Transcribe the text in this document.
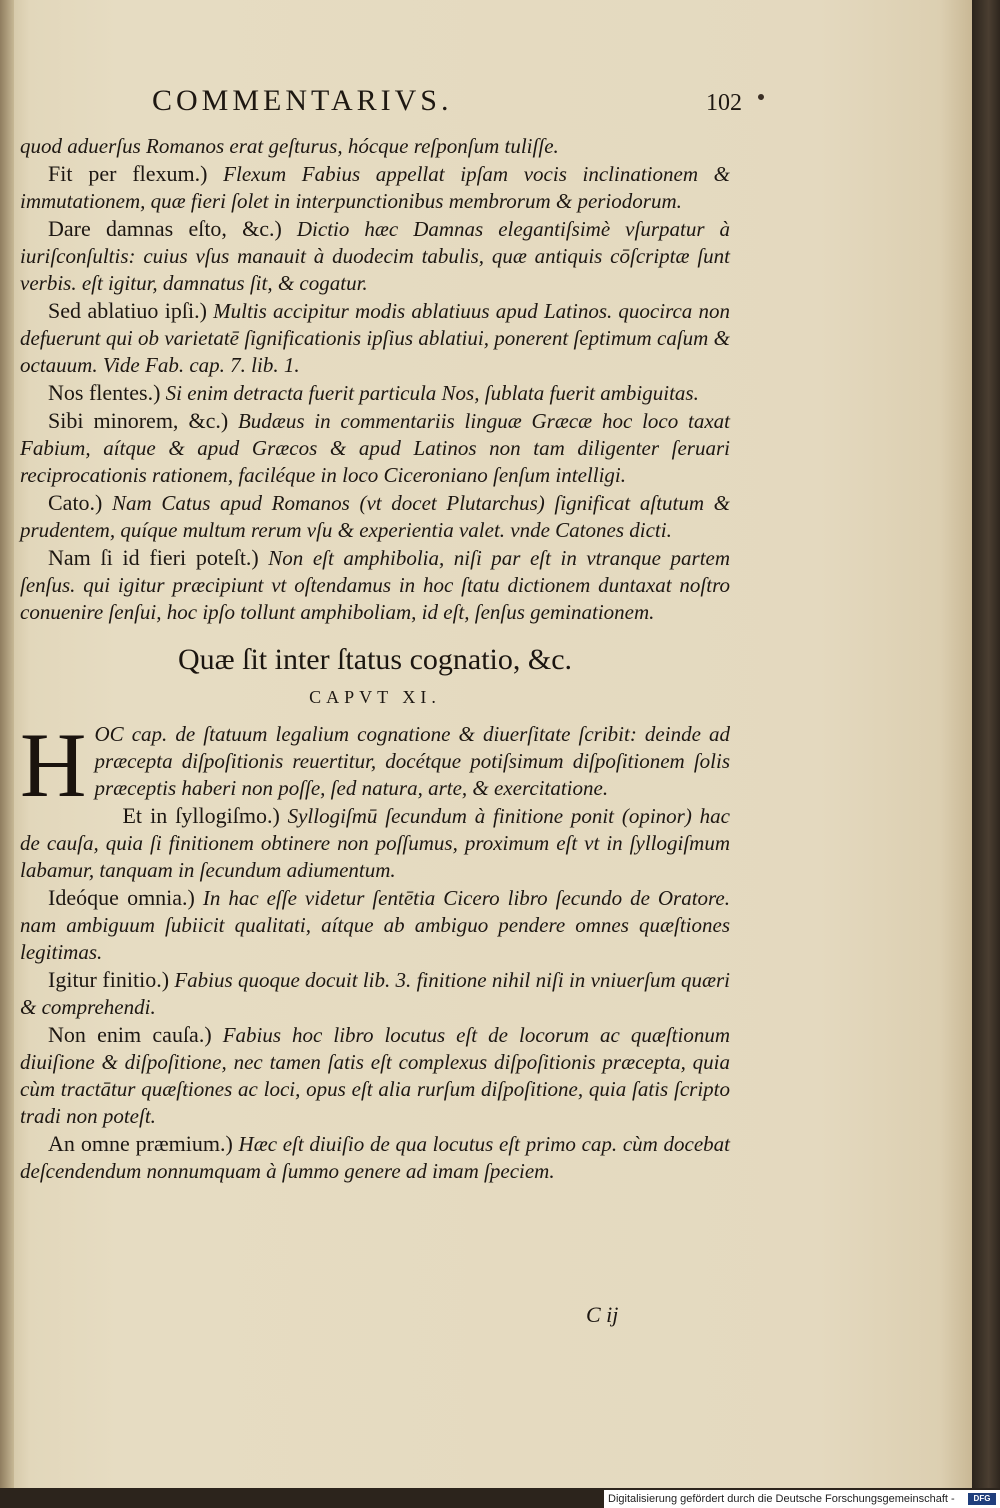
COMMENTARIVS.	102

quod aduerſus Romanos erat geſturus, hócque reſponſum tuliſſe.

Fit per flexum.) Flexum Fabius appellat ipſam vocis inclinationem & immutationem, quæ fieri ſolet in interpunctionibus membrorum & periodorum.

Dare damnas eſto, &c.) Dictio hæc Damnas elegantiſsimè vſurpatur à iuriſconſultis: cuius vſus manauit à duodecim tabulis, quæ antiquis cōſcriptæ ſunt verbis. eſt igitur, damnatus ſit, & cogatur.

Sed ablatiuo ipſi.) Multis accipitur modis ablatiuus apud Latinos. quocirca non defuerunt qui ob varietatē ſignificationis ipſius ablatiui, ponerent ſeptimum caſum & octauum. Vide Fab. cap. 7. lib. 1.

Nos flentes.) Si enim detracta fuerit particula Nos, ſublata fuerit ambiguitas.

Sibi minorem, &c.) Budæus in commentariis linguæ Græcæ hoc loco taxat Fabium, aítque & apud Græcos & apud Latinos non tam diligenter ſeruari reciprocationis rationem, faciléque in loco Ciceroniano ſenſum intelligi.

Cato.) Nam Catus apud Romanos (vt docet Plutarchus) ſignificat aſtutum & prudentem, quíque multum rerum vſu & experientia valet. vnde Catones dicti.

Nam ſi id fieri poteſt.) Non eſt amphibolia, niſi par eſt in vtranque partem ſenſus. qui igitur præcipiunt vt oſtendamus in hoc ſtatu dictionem duntaxat noſtro conuenire ſenſui, hoc ipſo tollunt amphiboliam, id eſt, ſenſus geminationem.

Quæ ſit inter ſtatus cognatio, &c.
CAPVT XI.

H OC cap. de ſtatuum legalium cognatione & diuerſitate ſcribit: deinde ad præcepta diſpoſitionis reuertitur, docétque potiſsimum diſpoſitionem ſolis præceptis haberi non poſſe, ſed natura, arte, & exercitatione.

Et in ſyllogiſmo.) Syllogiſmū ſecundum à finitione ponit (opinor) hac de cauſa, quia ſi finitionem obtinere non poſſumus, proximum eſt vt in ſyllogiſmum labamur, tanquam in ſecundum adiumentum.

Ideóque omnia.) In hac eſſe videtur ſentētia Cicero libro ſecundo de Oratore. nam ambiguum ſubiicit qualitati, aítque ab ambiguo pendere omnes quæſtiones legitimas.

Igitur finitio.) Fabius quoque docuit lib. 3. finitione nihil niſi in vniuerſum quæri & comprehendi.

Non enim cauſa.) Fabius hoc libro locutus eſt de locorum ac quæſtionum diuiſione & diſpoſitione, nec tamen ſatis eſt complexus diſpoſitionis præcepta, quia cùm tractātur quæſtiones ac loci, opus eſt alia rurſum diſpoſitione, quia ſatis ſcripto tradi non poteſt.

An omne præmium.) Hæc eſt diuiſio de qua locutus eſt primo cap. cùm docebat deſcendendum nonnumquam à ſummo genere ad imam ſpeciem.

C ij
Digitalisierung gefördert durch die Deutsche Forschungsgemeinschaft -	DFG
